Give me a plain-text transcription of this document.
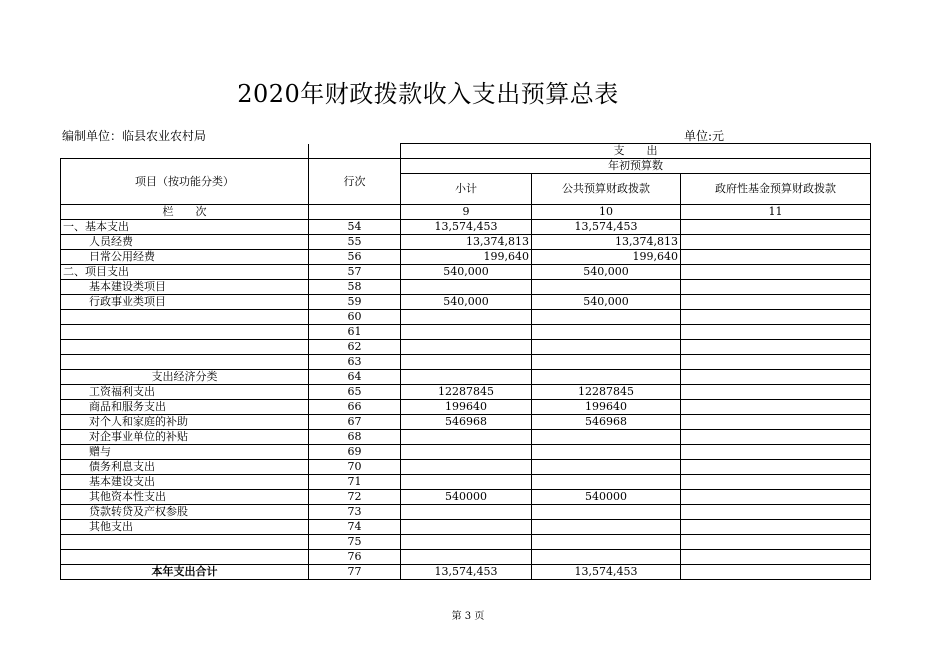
2020年财政拨款收入支出预算总表
编制单位：临县农业农村局	单位:元
		支　　出		
项目（按功能分类）	行次	年初预算数		
		小计	公共预算财政拨款	政府性基金预算财政拨款
栏　　次		9	10	11
一、基本支出	54	13,574,453	13,574,453	
人员经费	55	13,374,813	13,374,813	
日常公用经费	56	199,640	199,640	
二、项目支出	57	540,000	540,000	
基本建设类项目	58			
行政事业类项目	59	540,000	540,000	
	60			
	61			
	62			
	63			
支出经济分类	64			
工资福利支出	65	12287845	12287845	
商品和服务支出	66	199640	199640	
对个人和家庭的补助	67	546968	546968	
对企事业单位的补贴	68			
赠与	69			
债务利息支出	70			
基本建设支出	71			
其他资本性支出	72	540000	540000	
贷款转贷及产权参股	73			
其他支出	74			
	75			
	76			
本年支出合计	77	13,574,453	13,574,453	
第 3 页
